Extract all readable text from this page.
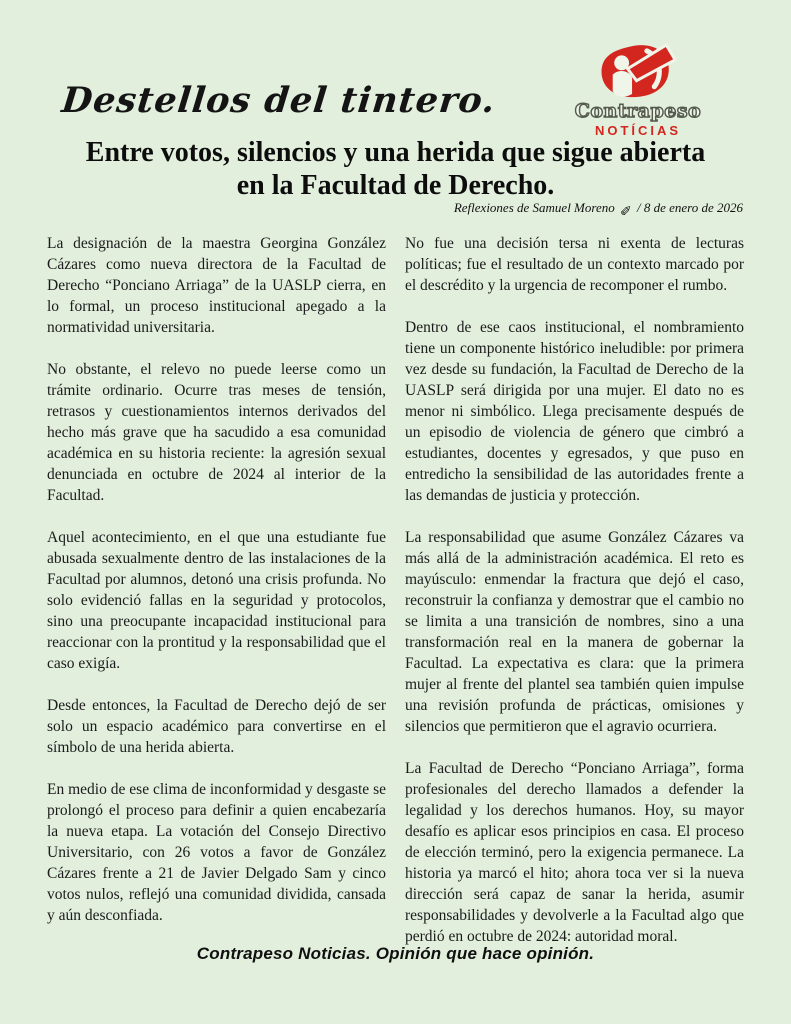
Destellos del tintero.	Contrapeso
NOTÍCIAS
Entre votos, silencios y una herida que sigue abierta
en la Facultad de Derecho.
Reflexiones de Samuel Moreno ✎ / 8 de enero de 2026

La designación de la maestra Georgina González Cázares como nueva directora de la Facultad de Derecho “Ponciano Arriaga” de la UASLP cierra, en lo formal, un proceso institucional apegado a la normatividad universitaria.

No obstante, el relevo no puede leerse como un trámite ordinario. Ocurre tras meses de tensión, retrasos y cuestionamientos internos derivados del hecho más grave que ha sacudido a esa comunidad académica en su historia reciente: la agresión sexual denunciada en octubre de 2024 al interior de la Facultad.

Aquel acontecimiento, en el que una estudiante fue abusada sexualmente dentro de las instalaciones de la Facultad por alumnos, detonó una crisis profunda. No solo evidenció fallas en la seguridad y protocolos, sino una preocupante incapacidad institucional para reaccionar con la prontitud y la responsabilidad que el caso exigía.

Desde entonces, la Facultad de Derecho dejó de ser solo un espacio académico para convertirse en el símbolo de una herida abierta.

En medio de ese clima de inconformidad y desgaste se prolongó el proceso para definir a quien encabezaría la nueva etapa. La votación del Consejo Directivo Universitario, con 26 votos a favor de González Cázares frente a 21 de Javier Delgado Sam y cinco votos nulos, reflejó una comunidad dividida, cansada y aún desconfiada.

No fue una decisión tersa ni exenta de lecturas políticas; fue el resultado de un contexto marcado por el descrédito y la urgencia de recomponer el rumbo.

Dentro de ese caos institucional, el nombramiento tiene un componente histórico ineludible: por primera vez desde su fundación, la Facultad de Derecho de la UASLP será dirigida por una mujer. El dato no es menor ni simbólico. Llega precisamente después de un episodio de violencia de género que cimbró a estudiantes, docentes y egresados, y que puso en entredicho la sensibilidad de las autoridades frente a las demandas de justicia y protección.

La responsabilidad que asume González Cázares va más allá de la administración académica. El reto es mayúsculo: enmendar la fractura que dejó el caso, reconstruir la confianza y demostrar que el cambio no se limita a una transición de nombres, sino a una transformación real en la manera de gobernar la Facultad. La expectativa es clara: que la primera mujer al frente del plantel sea también quien impulse una revisión profunda de prácticas, omisiones y silencios que permitieron que el agravio ocurriera.

La Facultad de Derecho “Ponciano Arriaga”, forma profesionales del derecho llamados a defender la legalidad y los derechos humanos. Hoy, su mayor desafío es aplicar esos principios en casa. El proceso de elección terminó, pero la exigencia permanece. La historia ya marcó el hito; ahora toca ver si la nueva dirección será capaz de sanar la herida, asumir responsabilidades y devolverle a la Facultad algo que perdió en octubre de 2024: autoridad moral.

Contrapeso Noticias. Opinión que hace opinión.
